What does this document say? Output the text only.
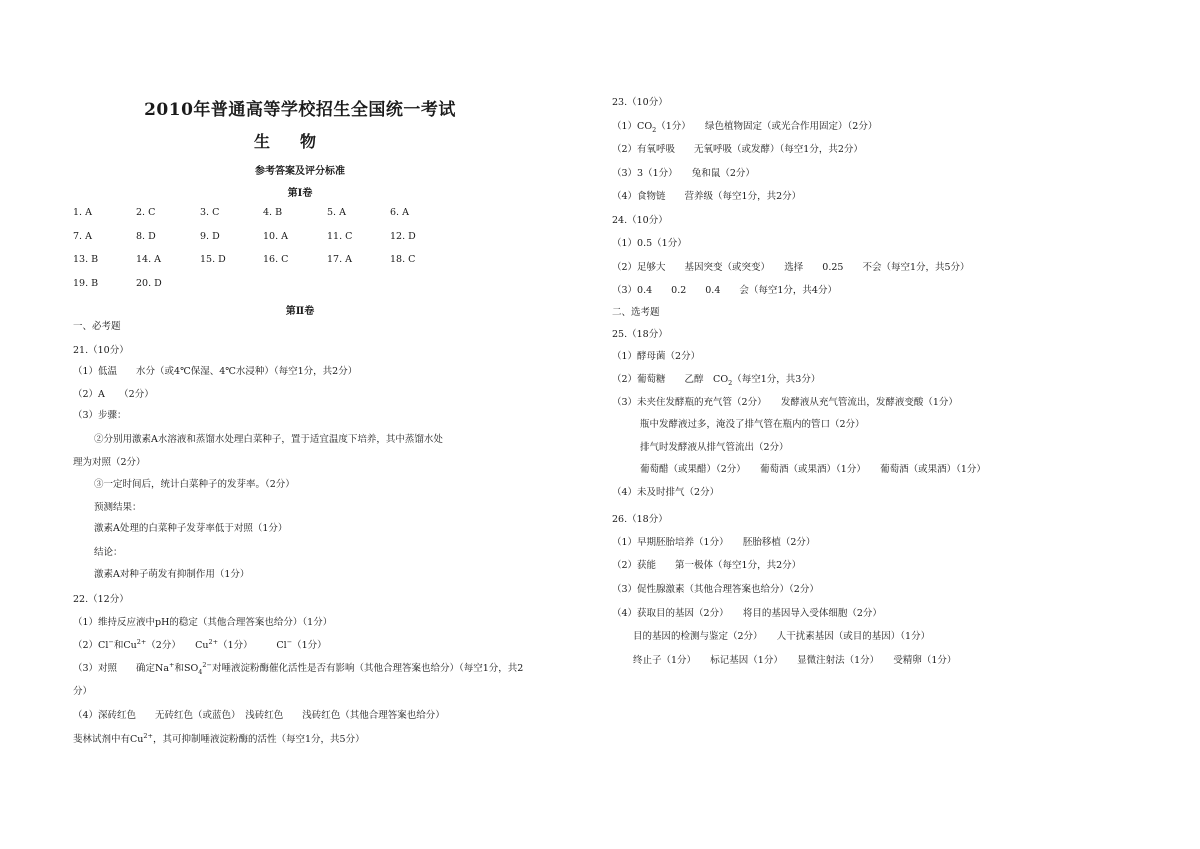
2010年普通高等学校招生全国统一考试
生物
参考答案及评分标准
第Ⅰ卷
1. A	2. C	3. C	4. B	5. A	6. A
7. A	8. D	9. D	10. A	11. C	12. D
13. B	14. A	15. D	16. C	17. A	18. C
19. B	20. D
第Ⅱ卷
一、必考题
21.（10分）
（1）低温　　水分（或4℃保湿、4℃水浸种）（每空1分，共2分）
（2）A　　（2分）
（3）步骤：
②分别用激素A水溶液和蒸馏水处理白菜种子，置于适宜温度下培养，其中蒸馏水处
理为对照（2分）
③一定时间后，统计白菜种子的发芽率。（2分）
预测结果：
激素A处理的白菜种子发芽率低于对照（1分）
结论：
激素A对种子萌发有抑制作用（1分）
22.（12分）
（1）维持反应液中pH的稳定（其他合理答案也给分）（1分）
（2）Cl−和$Cu^{2+}(2$分）　　$Cu^{2+}(1$分）　　　Cl−（1分）
（3）对照　　确定Na+和$SO_4^{2-}$对唾液淀粉酶催化活性是否有影响（其他合理答案也给分）（每空1分，共2
分）
（4）深砖红色　　无砖红色（或蓝色）　浅砖红色　　浅砖红色（其他合理答案也给分）
斐林试剂中有$Cu^{2+}$，其可抑制唾液淀粉酶的活性（每空1分，共5分）
23.（10分）
$(1)CO_2(1$分）　　绿色植物固定（或光合作用固定）（2分）
（2）有氧呼吸　　无氧呼吸（或发酵）（每空1分，共2分）
（3）3（1分）　　兔和鼠（2分）
（4）食物链　　营养级（每空1分，共2分）
24.（10分）
（1）0.5（1分）
（2）足够大　　基因突变（或突变）　　选择　　0.25　　不会（每空1分，共5分）
（3）0.4　　0.2　　0.4　　会（每空1分，共4分）
二、选考题
25.（18分）
（1）酵母菌（2分）
（2）葡萄糖　　乙醇　$CO_2$（每空1分，共3分）
（3）未夹住发酵瓶的充气管（2分）　　发酵液从充气管流出，发酵液变酸（1分）
瓶中发酵液过多，淹没了排气管在瓶内的管口（2分）
排气时发酵液从排气管流出（2分）
葡萄醋（或果醋）（2分）　　葡萄酒（或果酒）（1分）　　葡萄酒（或果酒）（1分）
（4）未及时排气（2分）
26.（18分）
（1）早期胚胎培养（1分）　　胚胎移植（2分）
（2）获能　　第一极体（每空1分，共2分）
（3）促性腺激素（其他合理答案也给分）（2分）
（4）获取目的基因（2分）　　将目的基因导入受体细胞（2分）
目的基因的检测与鉴定（2分）　　人干扰素基因（或目的基因）（1分）
终止子（1分）　　标记基因（1分）　　显微注射法（1分）　　受精卵（1分）
